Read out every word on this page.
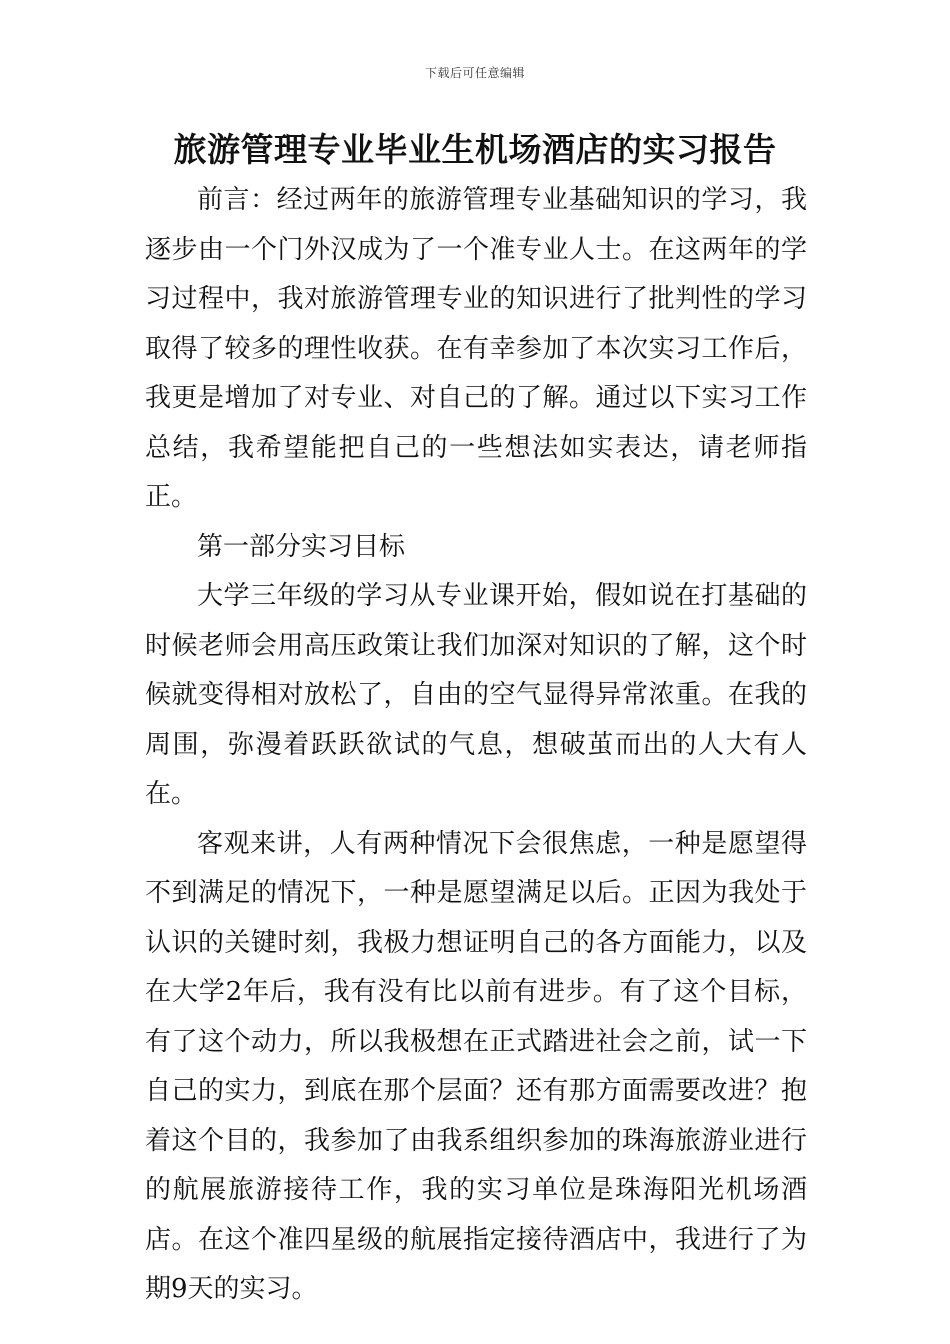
下载后可任意编辑
旅游管理专业毕业生机场酒店的实习报告

前言：经过两年的旅游管理专业基础知识的学习，我逐步由一个门外汉成为了一个准专业人士。在这两年的学习过程中，我对旅游管理专业的知识进行了批判性的学习取得了较多的理性收获。在有幸参加了本次实习工作后，我更是增加了对专业、对自己的了解。通过以下实习工作总结，我希望能把自己的一些想法如实表达，请老师指正。

第一部分实习目标

大学三年级的学习从专业课开始，假如说在打基础的时候老师会用高压政策让我们加深对知识的了解，这个时候就变得相对放松了，自由的空气显得异常浓重。在我的周围，弥漫着跃跃欲试的气息，想破茧而出的人大有人在。

客观来讲，人有两种情况下会很焦虑，一种是愿望得不到满足的情况下，一种是愿望满足以后。正因为我处于认识的关键时刻，我极力想证明自己的各方面能力，以及在大学2年后，我有没有比以前有进步。有了这个目标，有了这个动力，所以我极想在正式踏进社会之前，试一下自己的实力，到底在那个层面？还有那方面需要改进？抱着这个目的，我参加了由我系组织参加的珠海旅游业进行的航展旅游接待工作，我的实习单位是珠海阳光机场酒店。在这个准四星级的航展指定接待酒店中，我进行了为期9天的实习。
